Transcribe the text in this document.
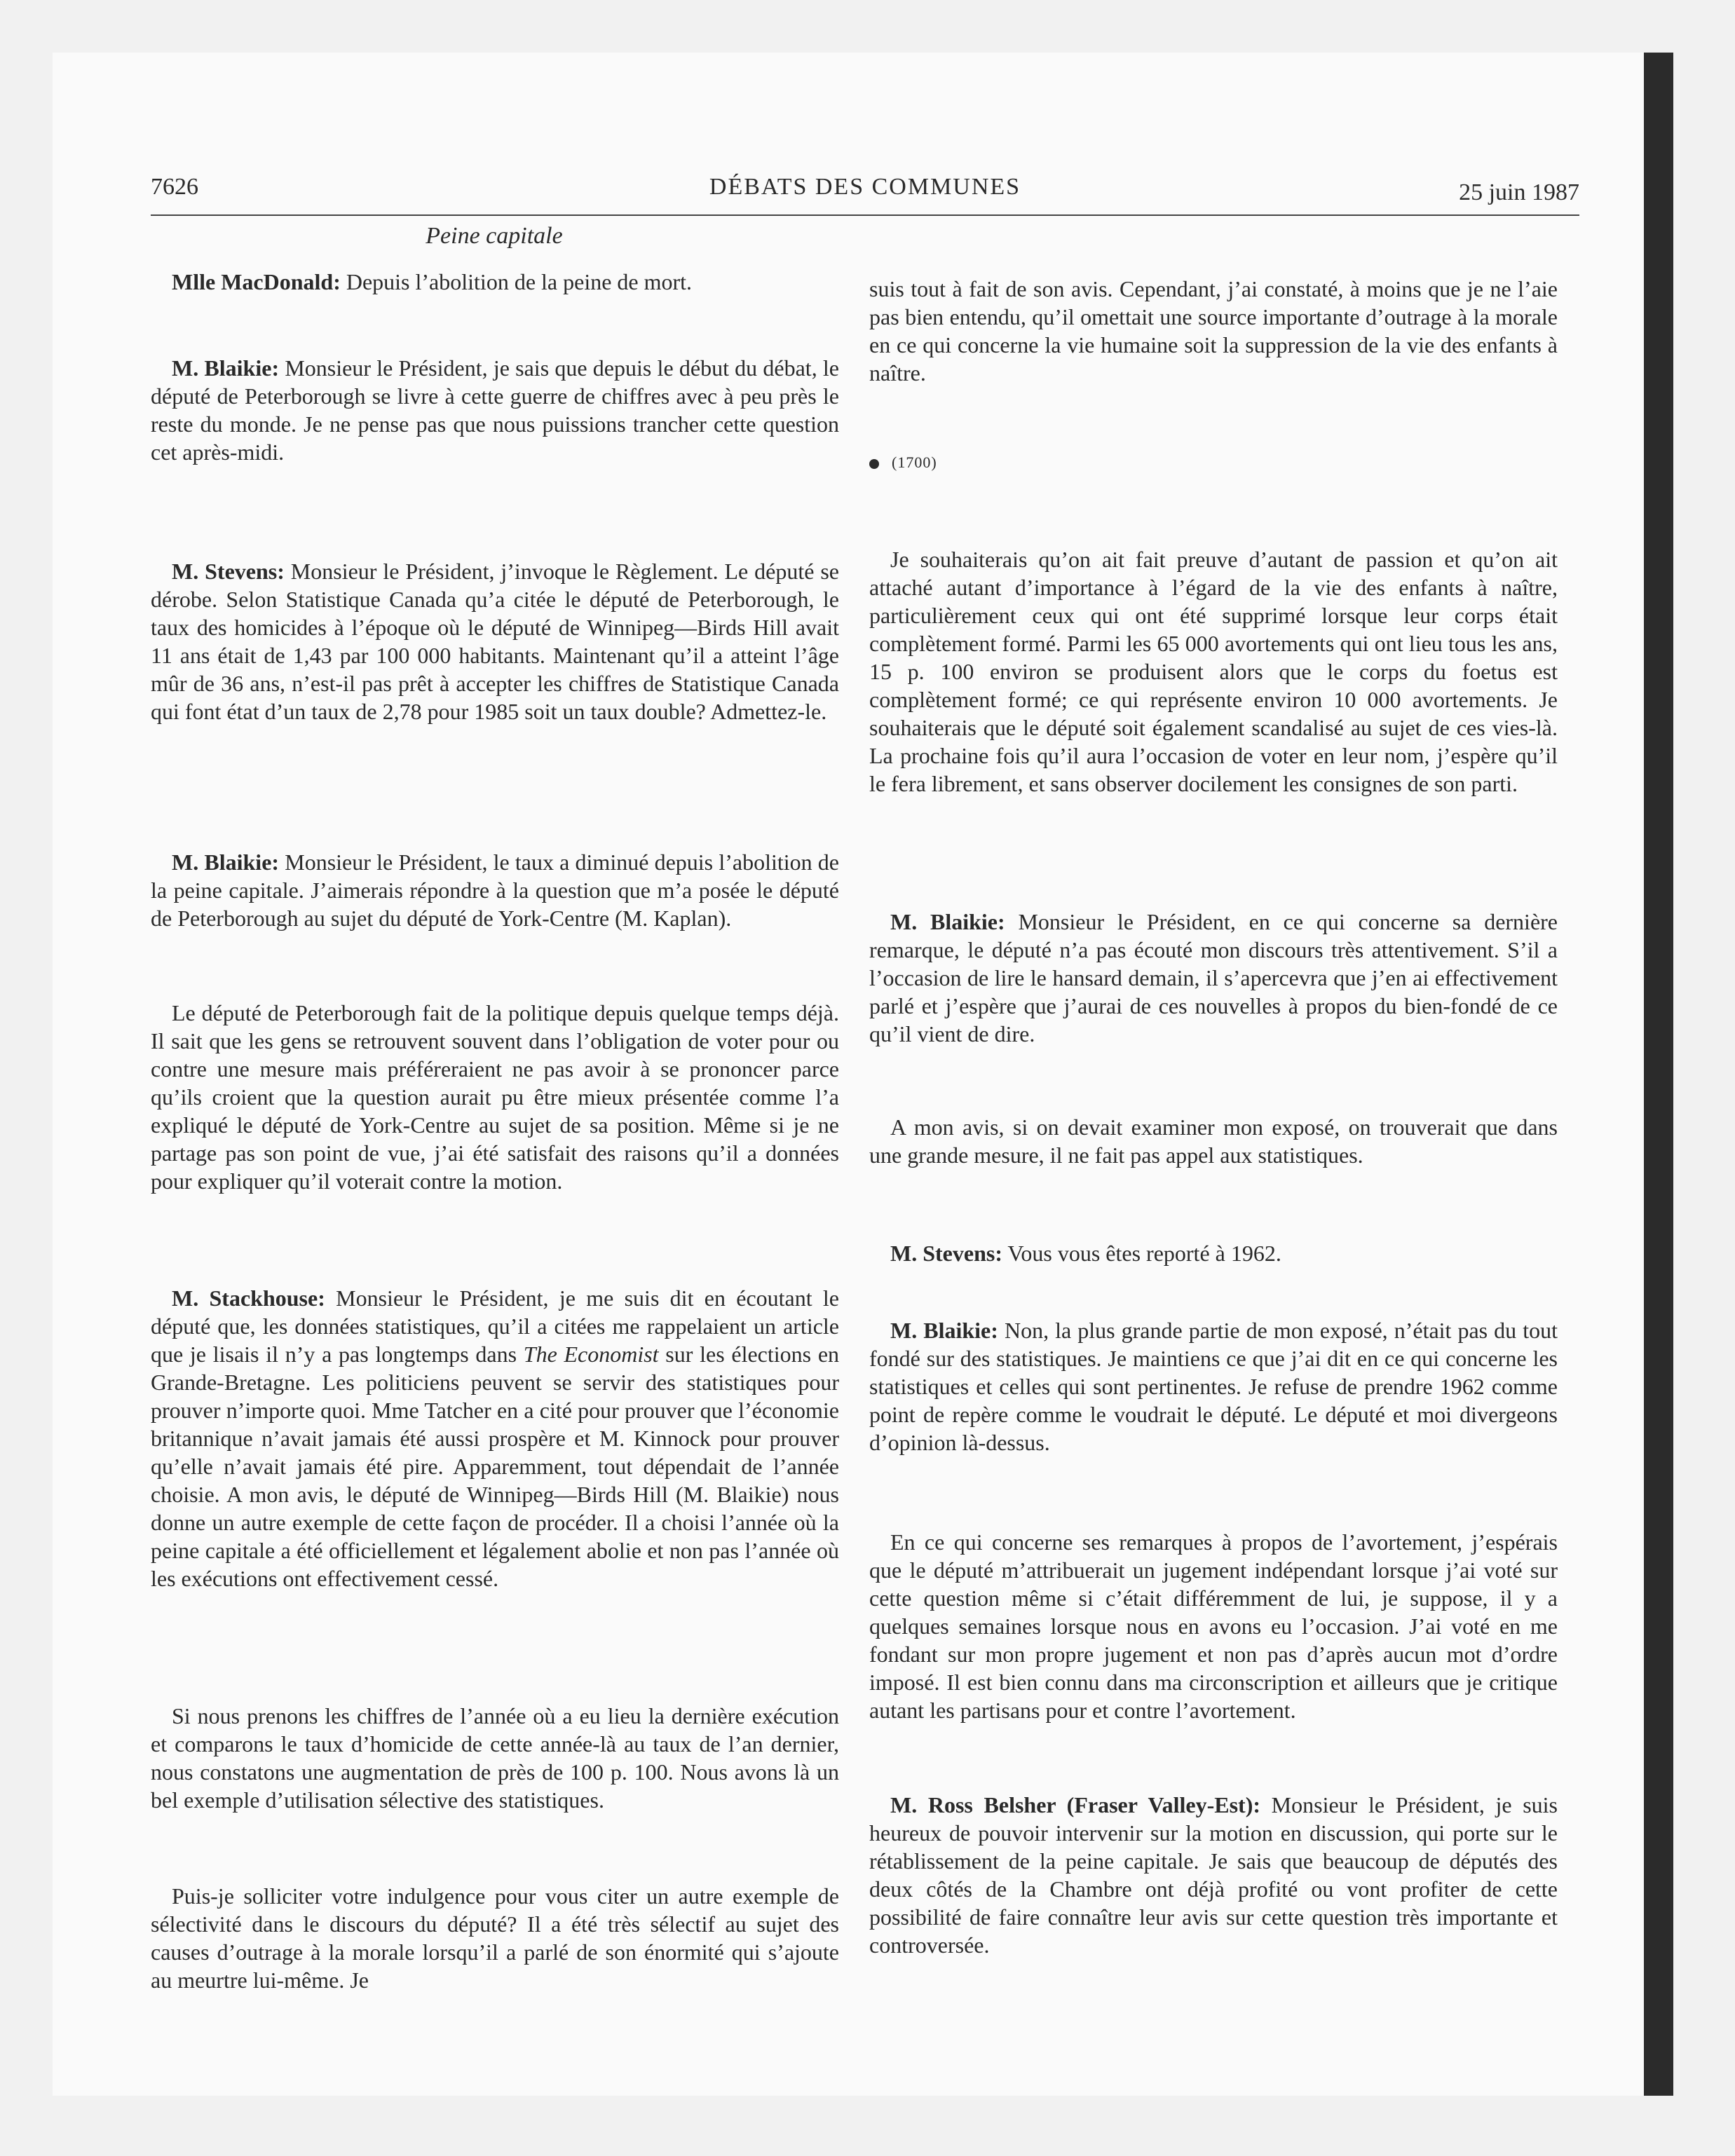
7626	DÉBATS DES COMMUNES	25 juin 1987
Peine capitale

Mlle MacDonald: Depuis l’abolition de la peine de mort.

M. Blaikie: Monsieur le Président, je sais que depuis le début du débat, le député de Peterborough se livre à cette guerre de chiffres avec à peu près le reste du monde. Je ne pense pas que nous puissions trancher cette question cet après-midi.

M. Stevens: Monsieur le Président, j’invoque le Règlement. Le député se dérobe. Selon Statistique Canada qu’a citée le député de Peterborough, le taux des homicides à l’époque où le député de Winnipeg—Birds Hill avait 11 ans était de 1,43 par 100 000 habitants. Maintenant qu’il a atteint l’âge mûr de 36 ans, n’est-il pas prêt à accepter les chiffres de Statistique Canada qui font état d’un taux de 2,78 pour 1985 soit un taux double? Admettez-le.

M. Blaikie: Monsieur le Président, le taux a diminué depuis l’abolition de la peine capitale. J’aimerais répondre à la question que m’a posée le député de Peterborough au sujet du député de York-Centre (M. Kaplan).

Le député de Peterborough fait de la politique depuis quelque temps déjà. Il sait que les gens se retrouvent souvent dans l’obligation de voter pour ou contre une mesure mais préféreraient ne pas avoir à se prononcer parce qu’ils croient que la question aurait pu être mieux présentée comme l’a expliqué le député de York-Centre au sujet de sa position. Même si je ne partage pas son point de vue, j’ai été satisfait des raisons qu’il a données pour expliquer qu’il voterait contre la motion.

M. Stackhouse: Monsieur le Président, je me suis dit en écoutant le député que, les données statistiques, qu’il a citées me rappelaient un article que je lisais il n’y a pas longtemps dans The Economist sur les élections en Grande-Bretagne. Les politiciens peuvent se servir des statistiques pour prouver n’importe quoi. Mme Tatcher en a cité pour prouver que l’économie britannique n’avait jamais été aussi prospère et M. Kinnock pour prouver qu’elle n’avait jamais été pire. Apparemment, tout dépendait de l’année choisie. A mon avis, le député de Winnipeg—Birds Hill (M. Blaikie) nous donne un autre exemple de cette façon de procéder. Il a choisi l’année où la peine capitale a été officiellement et légalement abolie et non pas l’année où les exécutions ont effectivement cessé.

Si nous prenons les chiffres de l’année où a eu lieu la dernière exécution et comparons le taux d’homicide de cette année-là au taux de l’an dernier, nous constatons une augmentation de près de 100 p. 100. Nous avons là un bel exemple d’utilisation sélective des statistiques.

Puis-je solliciter votre indulgence pour vous citer un autre exemple de sélectivité dans le discours du député? Il a été très sélectif au sujet des causes d’outrage à la morale lorsqu’il a parlé de son énormité qui s’ajoute au meurtre lui-même. Je

suis tout à fait de son avis. Cependant, j’ai constaté, à moins que je ne l’aie pas bien entendu, qu’il omettait une source importante d’outrage à la morale en ce qui concerne la vie humaine soit la suppression de la vie des enfants à naître.

(1700)

Je souhaiterais qu’on ait fait preuve d’autant de passion et qu’on ait attaché autant d’importance à l’égard de la vie des enfants à naître, particulièrement ceux qui ont été supprimé lorsque leur corps était complètement formé. Parmi les 65 000 avortements qui ont lieu tous les ans, 15 p. 100 environ se produisent alors que le corps du foetus est complètement formé; ce qui représente environ 10 000 avortements. Je souhaiterais que le député soit également scandalisé au sujet de ces vies-là. La prochaine fois qu’il aura l’occasion de voter en leur nom, j’espère qu’il le fera librement, et sans observer docilement les consignes de son parti.

M. Blaikie: Monsieur le Président, en ce qui concerne sa dernière remarque, le député n’a pas écouté mon discours très attentivement. S’il a l’occasion de lire le hansard demain, il s’apercevra que j’en ai effectivement parlé et j’espère que j’aurai de ces nouvelles à propos du bien-fondé de ce qu’il vient de dire.

A mon avis, si on devait examiner mon exposé, on trouverait que dans une grande mesure, il ne fait pas appel aux statistiques.

M. Stevens: Vous vous êtes reporté à 1962.

M. Blaikie: Non, la plus grande partie de mon exposé, n’était pas du tout fondé sur des statistiques. Je maintiens ce que j’ai dit en ce qui concerne les statistiques et celles qui sont pertinentes. Je refuse de prendre 1962 comme point de repère comme le voudrait le député. Le député et moi divergeons d’opinion là-dessus.

En ce qui concerne ses remarques à propos de l’avortement, j’espérais que le député m’attribuerait un jugement indépendant lorsque j’ai voté sur cette question même si c’était différemment de lui, je suppose, il y a quelques semaines lorsque nous en avons eu l’occasion. J’ai voté en me fondant sur mon propre jugement et non pas d’après aucun mot d’ordre imposé. Il est bien connu dans ma circonscription et ailleurs que je critique autant les partisans pour et contre l’avortement.

M. Ross Belsher (Fraser Valley-Est): Monsieur le Président, je suis heureux de pouvoir intervenir sur la motion en discussion, qui porte sur le rétablissement de la peine capitale. Je sais que beaucoup de députés des deux côtés de la Chambre ont déjà profité ou vont profiter de cette possibilité de faire connaître leur avis sur cette question très importante et controversée.
